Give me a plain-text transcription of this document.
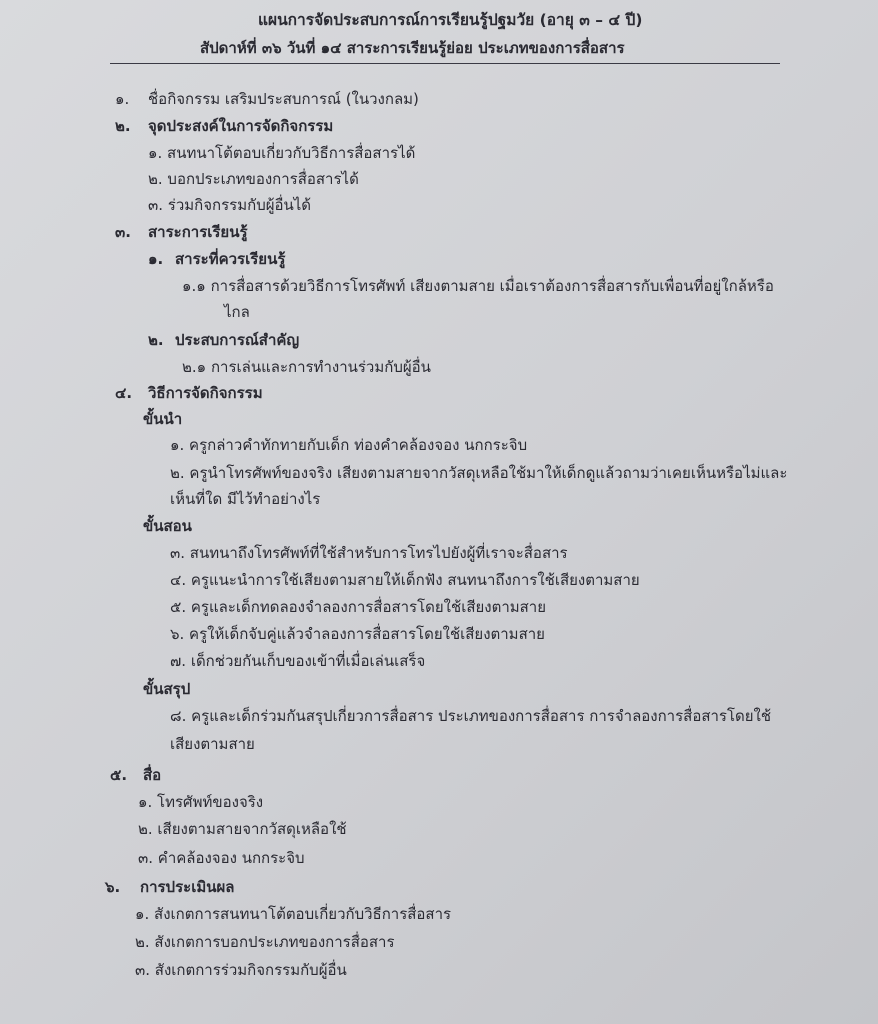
แผนการจัดประสบการณ์การเรียนรู้ปฐมวัย (อายุ ๓ – ๔ ปี)
สัปดาห์ที่ ๓๖ วันที่ ๑๔ สาระการเรียนรู้ย่อย ประเภทของการสื่อสาร
๑. ชื่อกิจกรรม เสริมประสบการณ์ (ในวงกลม)
๒. จุดประสงค์ในการจัดกิจกรรม
๑. สนทนาโต้ตอบเกี่ยวกับวิธีการสื่อสารได้
๒. บอกประเภทของการสื่อสารได้
๓. ร่วมกิจกรรมกับผู้อื่นได้
๓. สาระการเรียนรู้
๑. สาระที่ควรเรียนรู้
๑.๑ การสื่อสารด้วยวิธีการโทรศัพท์ เสียงตามสาย เมื่อเราต้องการสื่อสารกับเพื่อนที่อยู่ใกล้หรือ
ไกล
๒. ประสบการณ์สำคัญ
๒.๑ การเล่นและการทำงานร่วมกับผู้อื่น
๔. วิธีการจัดกิจกรรม
ขั้นนำ
๑. ครูกล่าวคำทักทายกับเด็ก ท่องคำคล้องจอง นกกระจิบ
๒. ครูนำโทรศัพท์ของจริง เสียงตามสายจากวัสดุเหลือใช้มาให้เด็กดูแล้วถามว่าเคยเห็นหรือไม่และ
เห็นที่ใด มีไว้ทำอย่างไร
ขั้นสอน
๓. สนทนาถึงโทรศัพท์ที่ใช้สำหรับการโทรไปยังผู้ที่เราจะสื่อสาร
๔. ครูแนะนำการใช้เสียงตามสายให้เด็กฟัง สนทนาถึงการใช้เสียงตามสาย
๕. ครูและเด็กทดลองจำลองการสื่อสารโดยใช้เสียงตามสาย
๖. ครูให้เด็กจับคู่แล้วจำลองการสื่อสารโดยใช้เสียงตามสาย
๗. เด็กช่วยกันเก็บของเข้าที่เมื่อเล่นเสร็จ
ขั้นสรุป
๘. ครูและเด็กร่วมกันสรุปเกี่ยวการสื่อสาร ประเภทของการสื่อสาร การจำลองการสื่อสารโดยใช้
เสียงตามสาย
๕. สื่อ
๑. โทรศัพท์ของจริง
๒. เสียงตามสายจากวัสดุเหลือใช้
๓. คำคล้องจอง นกกระจิบ
๖. การประเมินผล
๑. สังเกตการสนทนาโต้ตอบเกี่ยวกับวิธีการสื่อสาร
๒. สังเกตการบอกประเภทของการสื่อสาร
๓. สังเกตการร่วมกิจกรรมกับผู้อื่น
